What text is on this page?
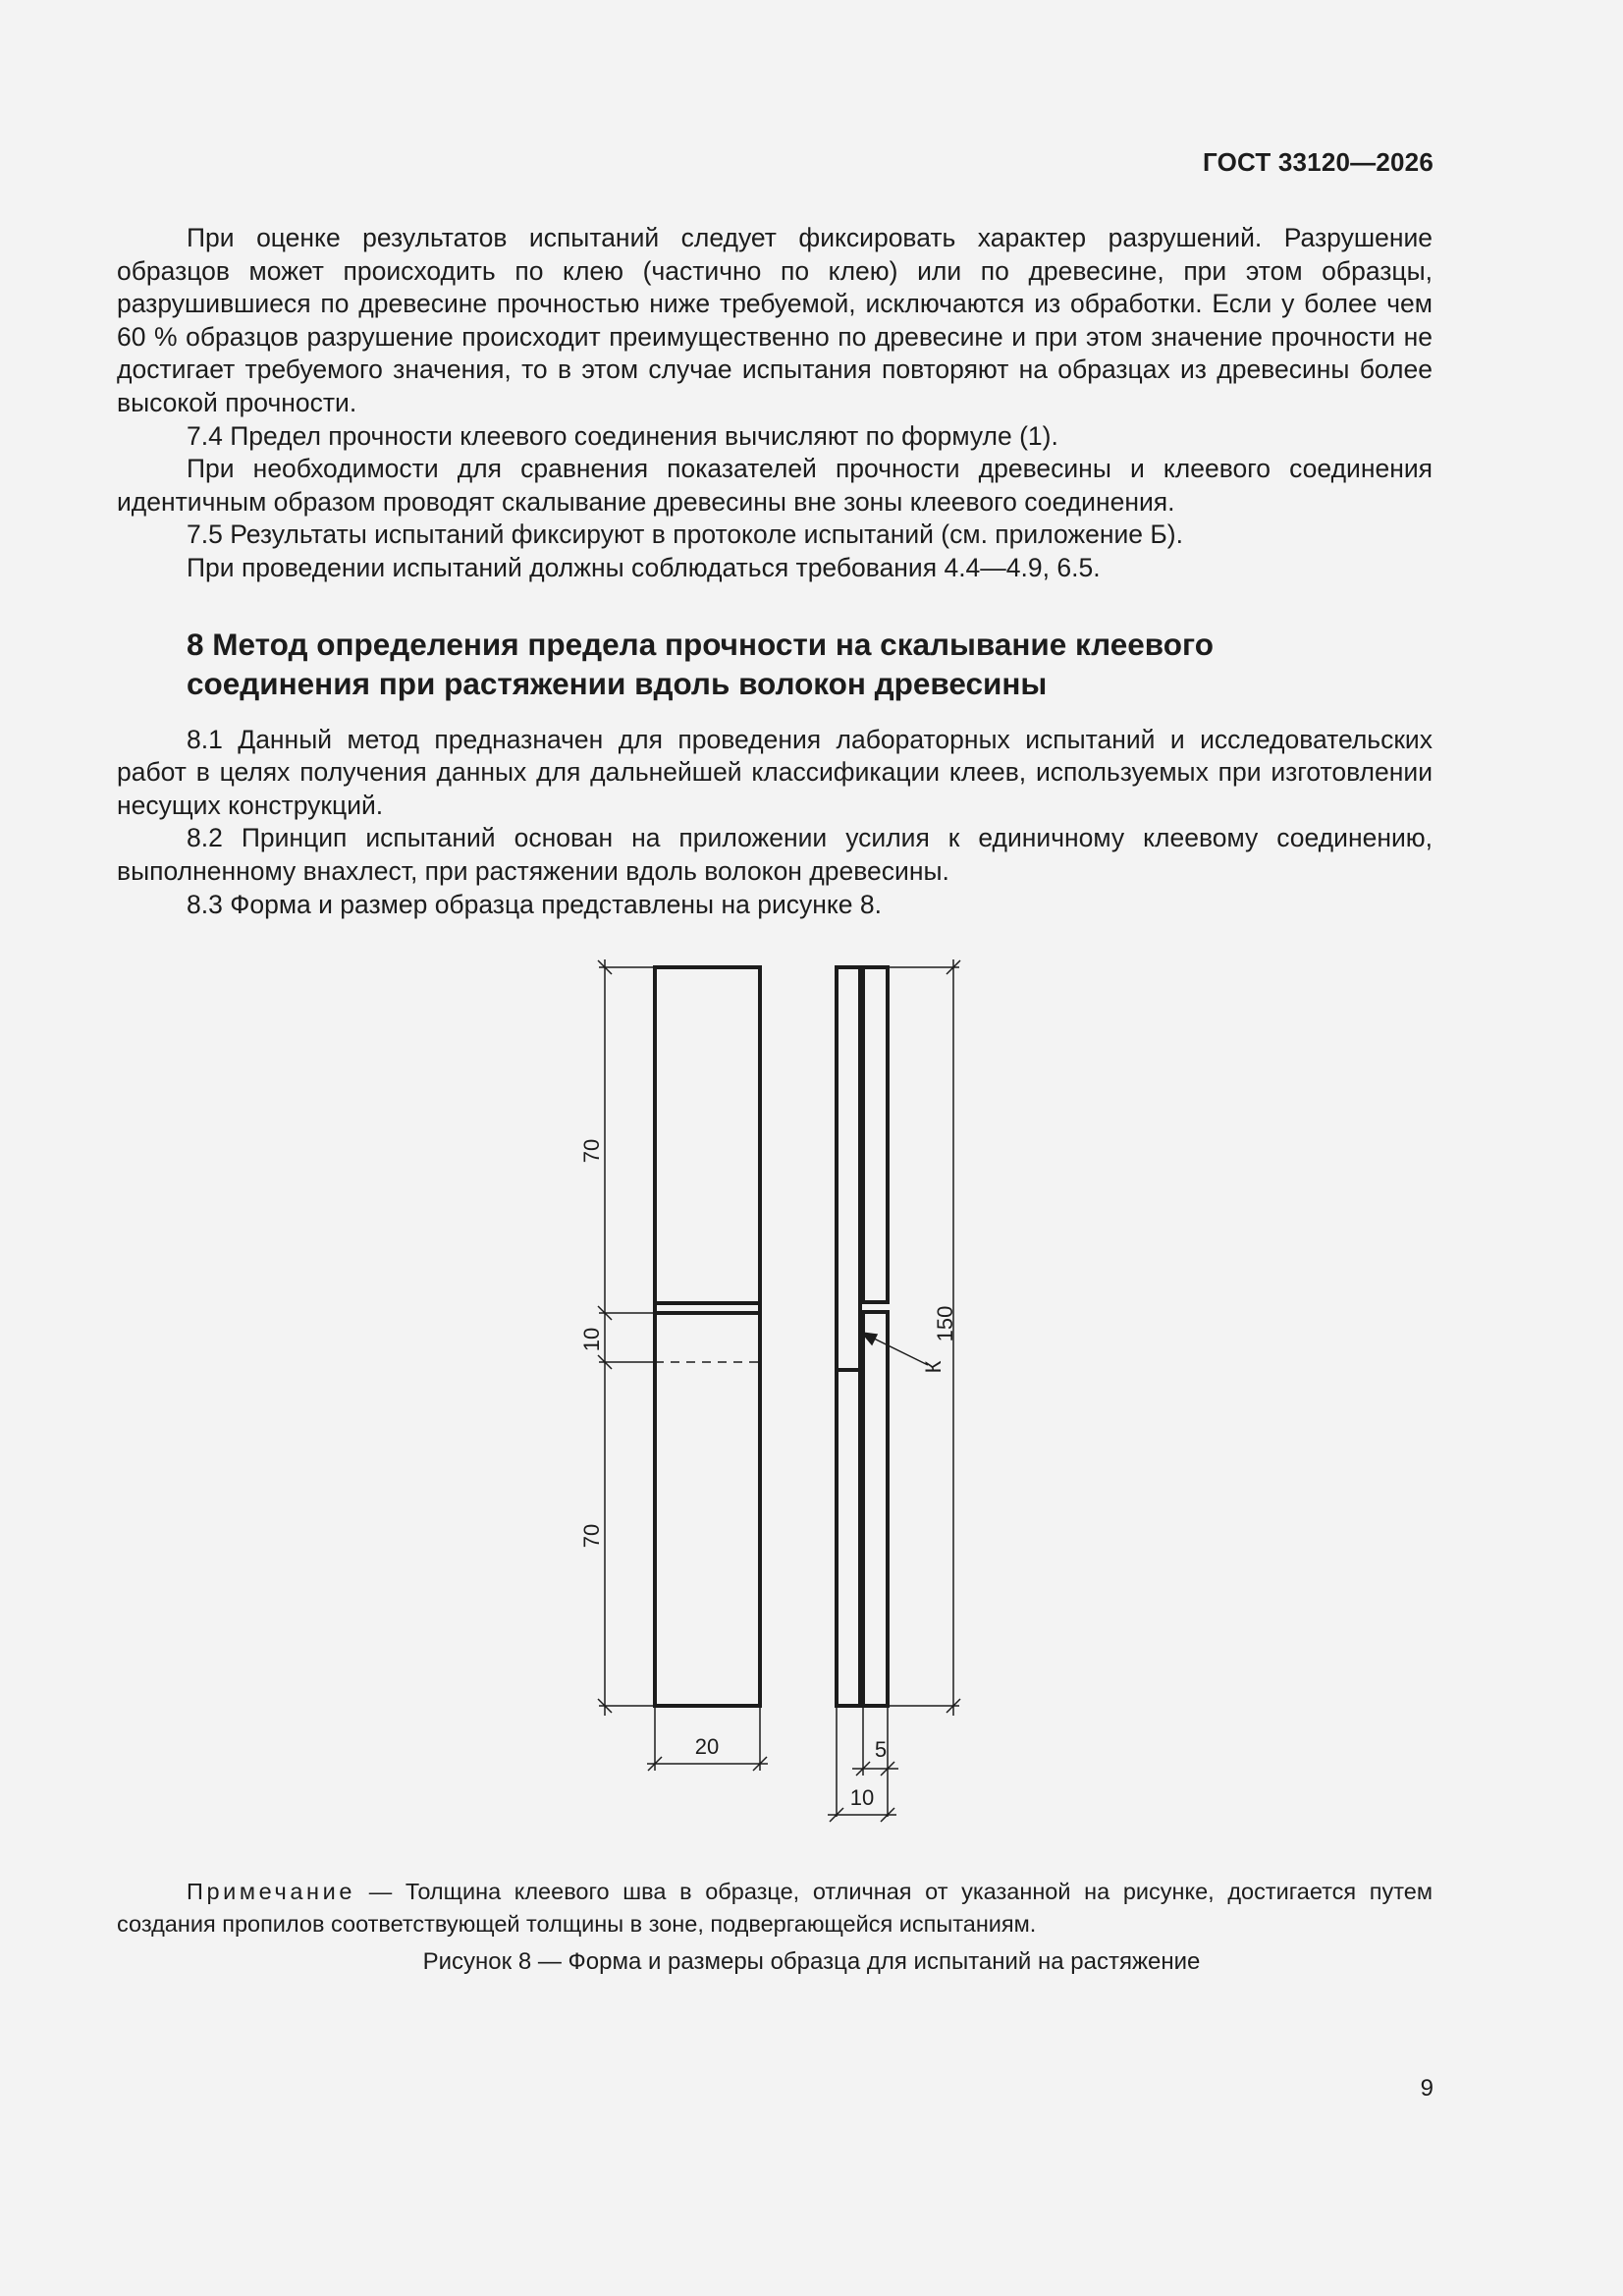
ГОСТ 33120—2026

При оценке результатов испытаний следует фиксировать характер разрушений. Разрушение образцов может происходить по клею (частично по клею) или по древесине, при этом образцы, разрушившиеся по древесине прочностью ниже требуемой, исключаются из обработки. Если у более чем 60 % образцов разрушение происходит преимущественно по древесине и при этом значение прочности не достигает требуемого значения, то в этом случае испытания повторяют на образцах из древесины более высокой прочности.

7.4 Предел прочности клеевого соединения вычисляют по формуле (1).

При необходимости для сравнения показателей прочности древесины и клеевого соединения идентичным образом проводят скалывание древесины вне зоны клеевого соединения.

7.5 Результаты испытаний фиксируют в протоколе испытаний (см. приложение Б).

При проведении испытаний должны соблюдаться требования 4.4—4.9, 6.5.

8 Метод определения предела прочности на скалывание клеевого
соединения при растяжении вдоль волокон древесины

8.1 Данный метод предназначен для проведения лабораторных испытаний и исследовательских работ в целях получения данных для дальнейшей классификации клеев, используемых при изготовлении несущих конструкций.

8.2 Принцип испытаний основан на приложении усилия к единичному клеевому соединению, выполненному внахлест, при растяжении вдоль волокон древесины.

8.3 Форма и размер образца представлены на рисунке 8.

70
10
70
20
150
К
5
10

Примечание — Толщина клеевого шва в образце, отличная от указанной на рисунке, достигается путем создания пропилов соответствующей толщины в зоне, подвергающейся испытаниям.

Рисунок 8 — Форма и размеры образца для испытаний на растяжение
9
